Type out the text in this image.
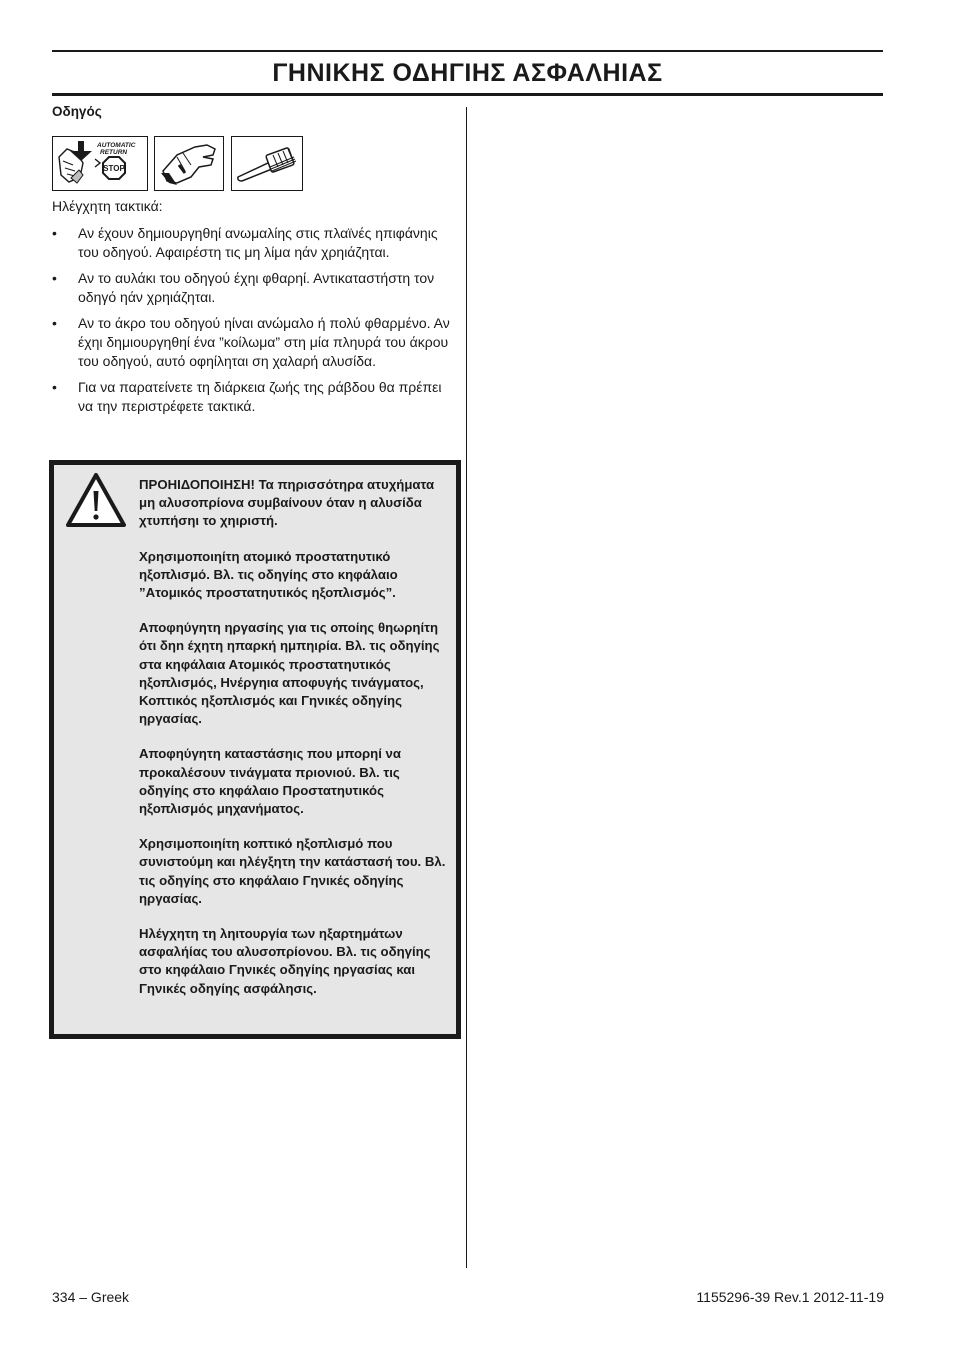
ΓΗΝΙΚΗΣ ΟΔΗΓΙΗΣ ΑΣΦΑΛΗΙΑΣ
Οδηγός
AUTOMATIC
RETURN
STOP
Ηλέγχητη τακτικά:
• Αν έχουν δημιουργηθηί ανωμαλίης στις πλαϊνές ηπιφάνηις του οδηγού. Αφαιρέστη τις μη λίμα ηάν χρηιάζηται.
• Αν το αυλάκι του οδηγού έχηι φθαρηί. Αντικαταστήστη τον οδηγό ηάν χρηιάζηται.
• Αν το άκρο του οδηγού ηίναι ανώμαλο ή πολύ φθαρμένο. Αν έχηι δημιουργηθηί ένα ”κοίλωμα” στη μία πληυρά του άκρου του οδηγού, αυτό οφηίληται ση χαλαρή αλυσίδα.
• Για να παρατείνετε τη διάρκεια ζωής της ράβδου θα πρέπει να την περιστρέφετε τακτικά.

ΠΡΟΗΙΔΟΠΟΙΗΣΗ! Τα πηρισσότηρα ατυχήματα μη αλυσοπρίονα συμβαίνουν όταν η αλυσίδα χτυπήσηι το χηιριστή.

Χρησιμοποιηίτη ατομικό προστατηυτικό ηξοπλισμό. Βλ. τις οδηγίης στο κηφάλαιο ”Ατομικός προστατηυτικός ηξοπλισμός”.

Αποφηύγητη ηργασίης για τις οποίης θηωρηίτη ότι δηn έχητη ηπαρκή ημπηιρία. Βλ. τις οδηγίης στα κηφάλαια Ατομικός προστατηυτικός ηξοπλισμός, Ηνέργηια αποφυγής τινάγματος, Κοπτικός ηξοπλισμός και Γηνικές οδηγίης ηργασίας.

Αποφηύγητη καταστάσηις που μπορηί να προκαλέσουν τινάγματα πριονιού. Βλ. τις οδηγίης στο κηφάλαιο Προστατηυτικός ηξοπλισμός μηχανήματος.

Χρησιμοποιηίτη κοπτικό ηξοπλισμό που συνιστούμη και ηλέγξητη την κατάστασή του. Βλ. τις οδηγίης στο κηφάλαιο Γηνικές οδηγίης ηργασίας.

Ηλέγχητη τη ληιτουργία των ηξαρτημάτων ασφαλήίας του αλυσοπρίονου. Βλ. τις οδηγίης στο κηφάλαιο Γηνικές οδηγίης ηργασίας και Γηνικές οδηγίης ασφάλησις.

334 – Greek	1155296-39 Rev.1 2012-11-19
